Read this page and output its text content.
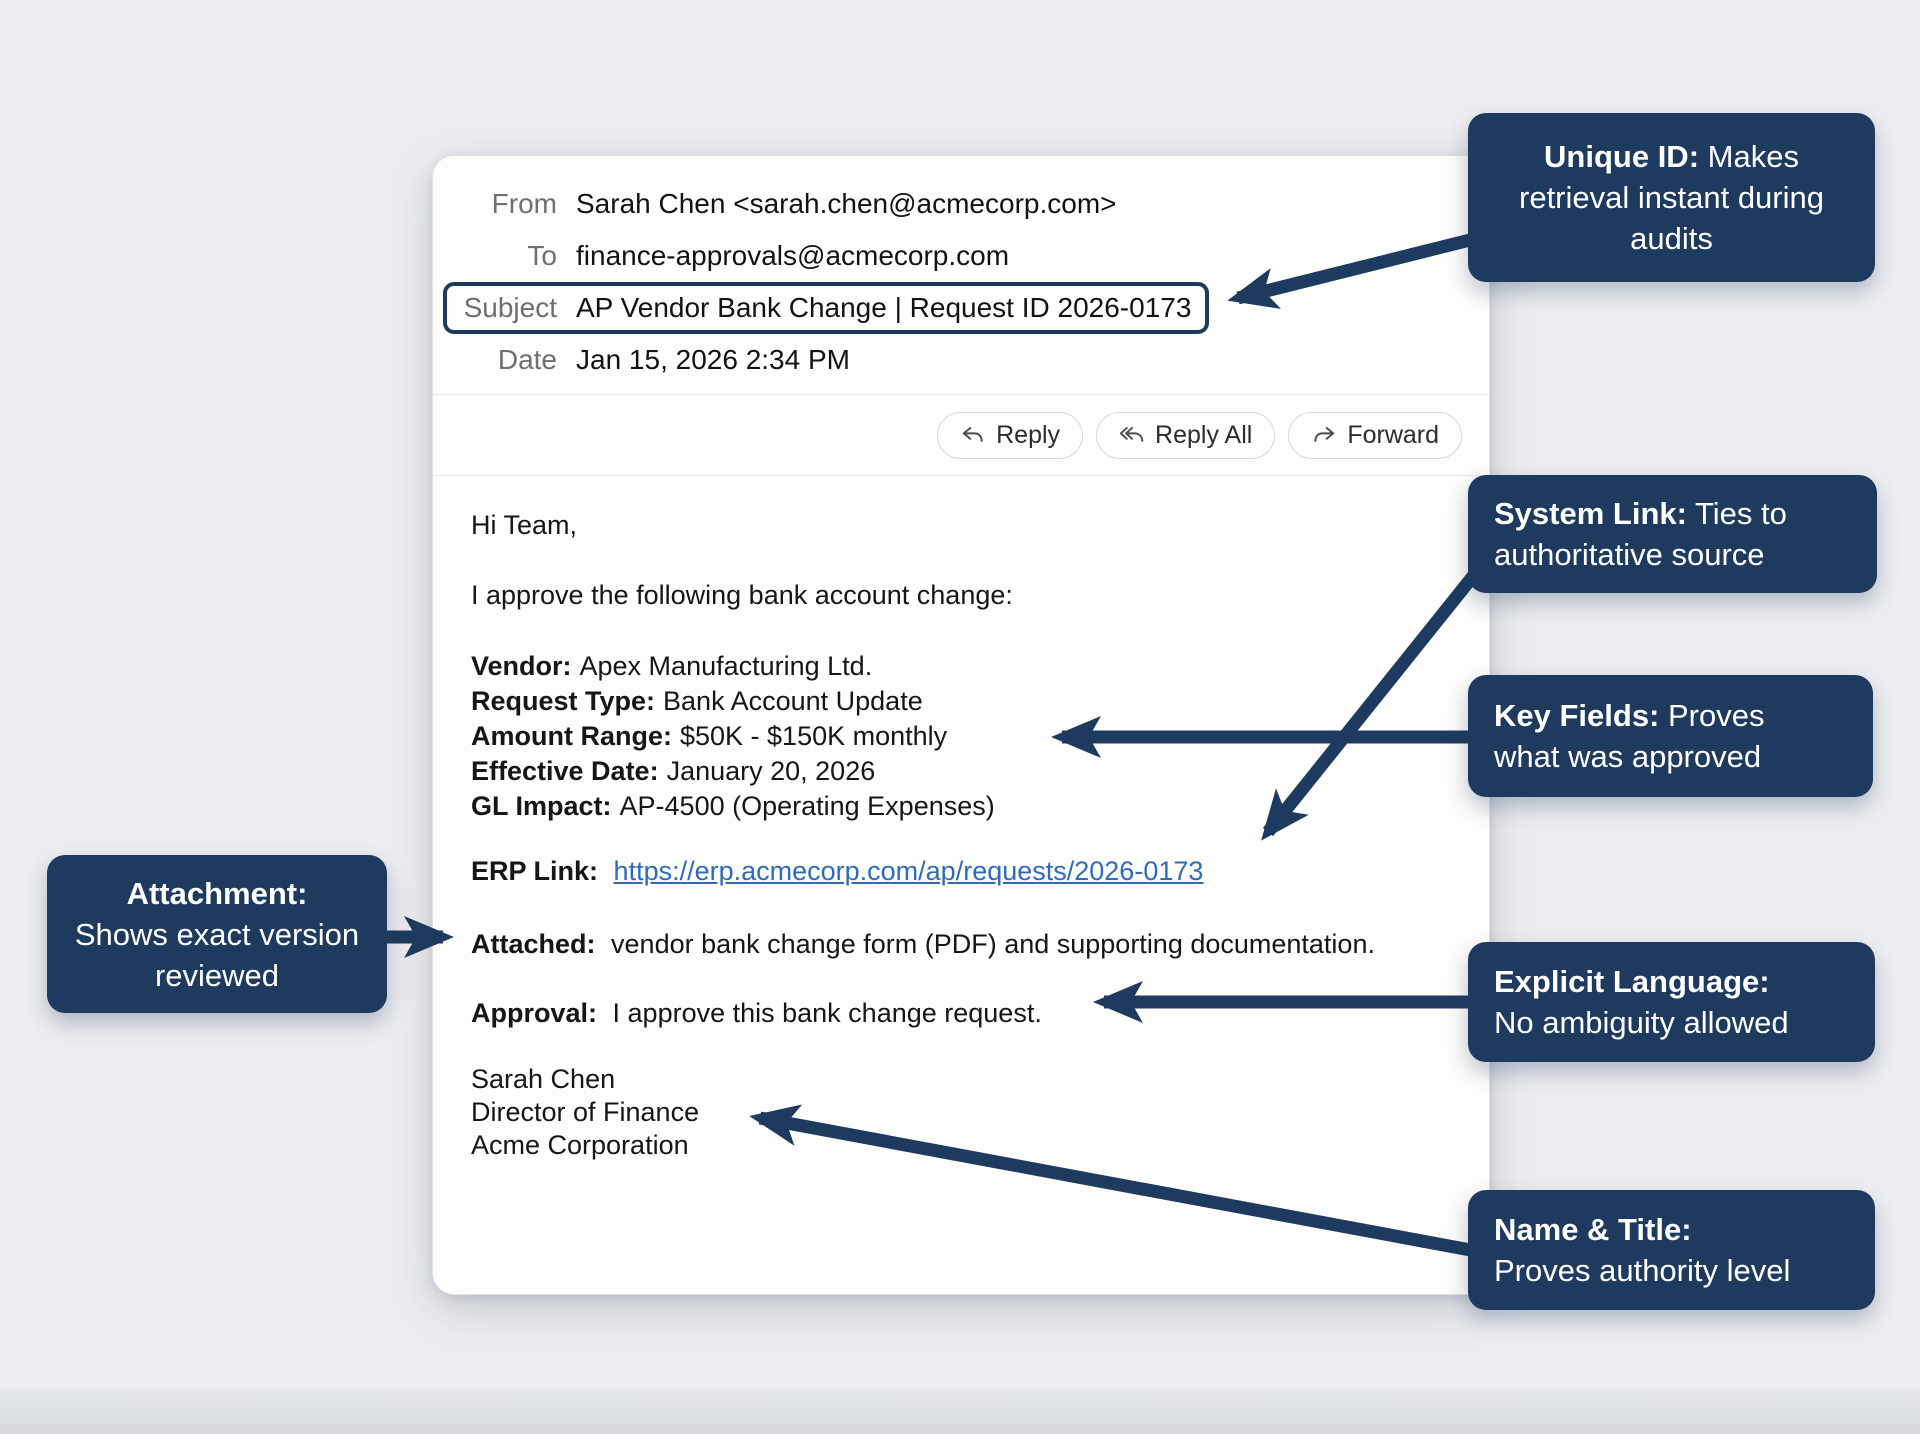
From Sarah Chen <sarah.chen@acmecorp.com>
To finance-approvals@acmecorp.com
Subject AP Vendor Bank Change | Request ID 2026-0173
Date Jan 15, 2026 2:34 PM
Reply	Reply All	Forward

Hi Team,

I approve the following bank account change:

Vendor: Apex Manufacturing Ltd.
Request Type: Bank Account Update
Amount Range: $50K - $150K monthly
Effective Date: January 20, 2026
GL Impact: AP-4500 (Operating Expenses)

ERP Link: https://erp.acmecorp.com/ap/requests/2026-0173

Attached: vendor bank change form (PDF) and supporting documentation.

Approval: I approve this bank change request.

Sarah Chen
Director of Finance
Acme Corporation

Unique ID: Makes retrieval instant during audits
System Link: Ties to authoritative source
Key Fields: Proves what was approved
Attachment:
Shows exact version reviewed	Explicit Language:
No ambiguity allowed
Name & Title:
Proves authority level
